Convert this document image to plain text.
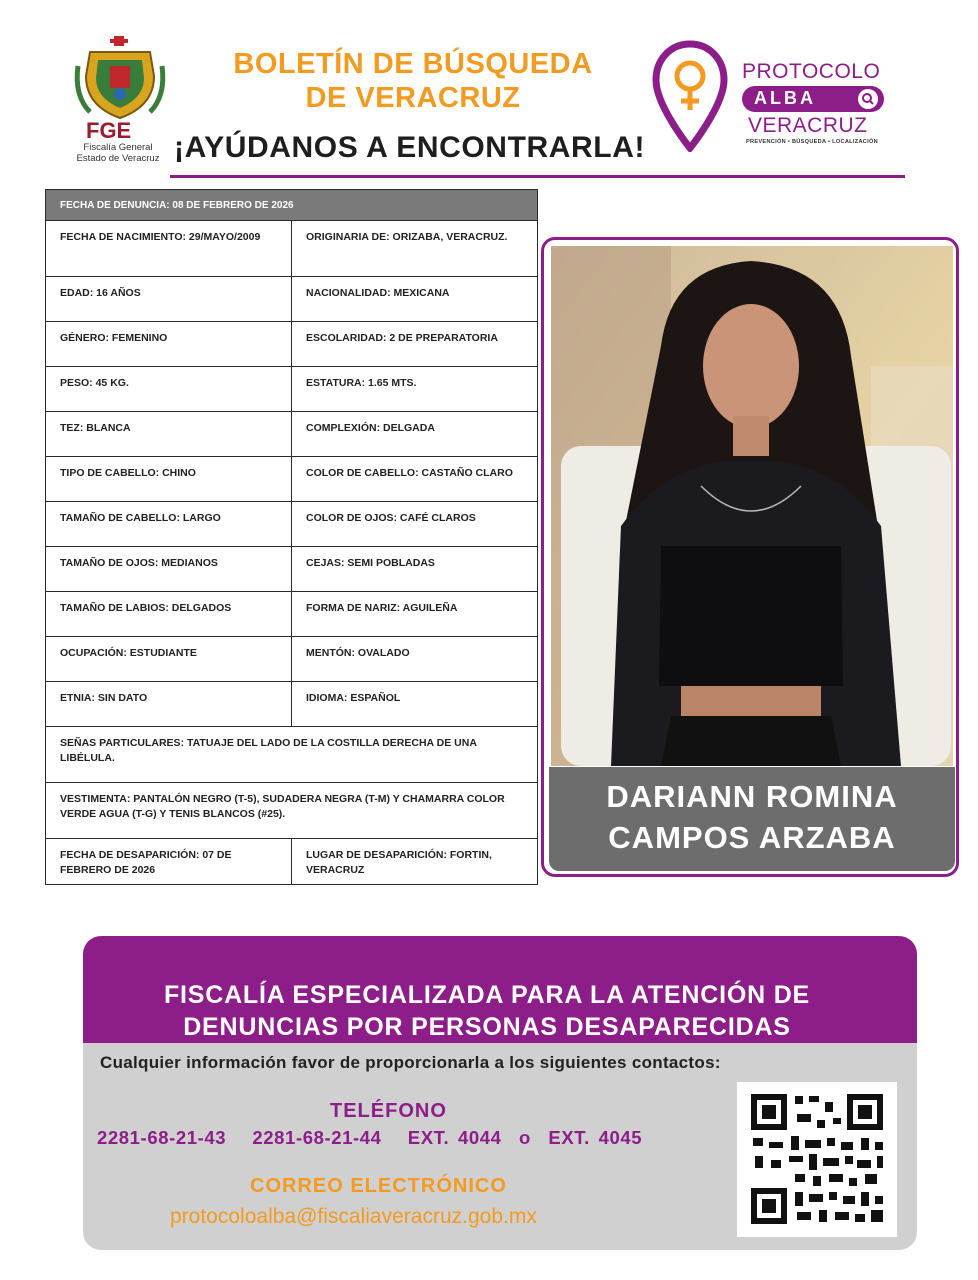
FGE
Fiscalía General
Estado de Veracruz
BOLETÍN DE BÚSQUEDA
DE VERACRUZ
¡AYÚDANOS A ENCONTRARLA!
PROTOCOLO
ALBA
VERACRUZ
PREVENCIÓN • BÚSQUEDA • LOCALIZACIÓN
FECHA DE DENUNCIA: 08 DE FEBRERO DE 2026	
FECHA DE NACIMIENTO: 29/MAYO/2009	ORIGINARIA DE: ORIZABA, VERACRUZ.
EDAD: 16 AÑOS	NACIONALIDAD: MEXICANA
GÉNERO: FEMENINO	ESCOLARIDAD: 2 DE PREPARATORIA
PESO: 45 KG.	ESTATURA: 1.65 MTS.
TEZ: BLANCA	COMPLEXIÓN: DELGADA
TIPO DE CABELLO: CHINO	COLOR DE CABELLO: CASTAÑO CLARO
TAMAÑO DE CABELLO: LARGO	COLOR DE OJOS: CAFÉ CLAROS
TAMAÑO DE OJOS: MEDIANOS	CEJAS: SEMI POBLADAS
TAMAÑO DE LABIOS: DELGADOS	FORMA DE NARIZ: AGUILEÑA
OCUPACIÓN: ESTUDIANTE	MENTÓN: OVALADO
ETNIA: SIN DATO	IDIOMA: ESPAÑOL
SEÑAS PARTICULARES: TATUAJE DEL LADO DE LA COSTILLA DERECHA DE UNA LIBÉLULA.	
VESTIMENTA: PANTALÓN NEGRO (T-5), SUDADERA NEGRA (T-M) Y CHAMARRA COLOR VERDE AGUA (T-G) Y TENIS BLANCOS (#25).	
FECHA DE DESAPARICIÓN: 07 DE FEBRERO DE 2026	LUGAR DE DESAPARICIÓN: FORTIN, VERACRUZ
DARIANN ROMINA
CAMPOS ARZABA
FISCALÍA ESPECIALIZADA PARA LA ATENCIÓN DE
DENUNCIAS POR PERSONAS DESAPARECIDAS
Cualquier información favor de proporcionarla a los siguientes contactos:
TELÉFONO
2281-68-21-43   2281-68-21-44   EXT. 4044  o  EXT. 4045
CORREO ELECTRÓNICO
protocoloalba@fiscaliaveracruz.gob.mx
